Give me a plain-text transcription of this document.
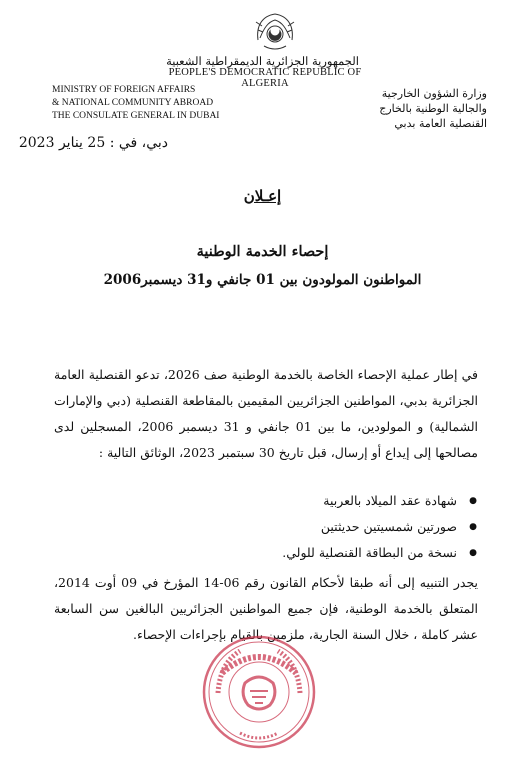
الجمهورية الجزائرية الديمقراطية الشعبية
PEOPLE'S DEMOCRATIC REPUBLIC OF ALGERIA
MINISTRY OF FOREIGN AFFAIRS
& NATIONAL COMMUNITY ABROAD
THE CONSULATE GENERAL IN DUBAI
وزارة الشؤون الخارجية
والجالية الوطنية بالخارج
القنصلية العامة بدبي
دبي، في : 25 يناير 2023
إعـلان
إحصاء الخدمة الوطنية
المواطنون المولودون بين 01 جانفي و31 ديسمبر2006
في إطار عملية الإحصاء الخاصة بالخدمة الوطنية صف 2026، تدعو القنصلية العامة الجزائرية بدبي، المواطنين الجزائريين المقيمين بالمقاطعة القنصلية (دبي والإمارات الشمالية) و المولودين، ما بين 01 جانفي و 31 ديسمبر 2006، المسجلين لدى مصالحها إلى إيداع أو إرسال، قبل تاريخ 30 سبتمبر 2023، الوثائق التالية :
● شهادة عقد الميلاد بالعربية
● صورتين شمسيتين حديثتين
● نسخة من البطاقة القنصلية للولي.
يجدر التنبيه إلى أنه طبقا لأحكام القانون رقم 06-14 المؤرخ في 09 أوت 2014، المتعلق بالخدمة الوطنية، فإن جميع المواطنين الجزائريين البالغين سن السابعة عشر كاملة ، خلال السنة الجارية، ملزمين بالقيام بإجراءات الإحصاء.
